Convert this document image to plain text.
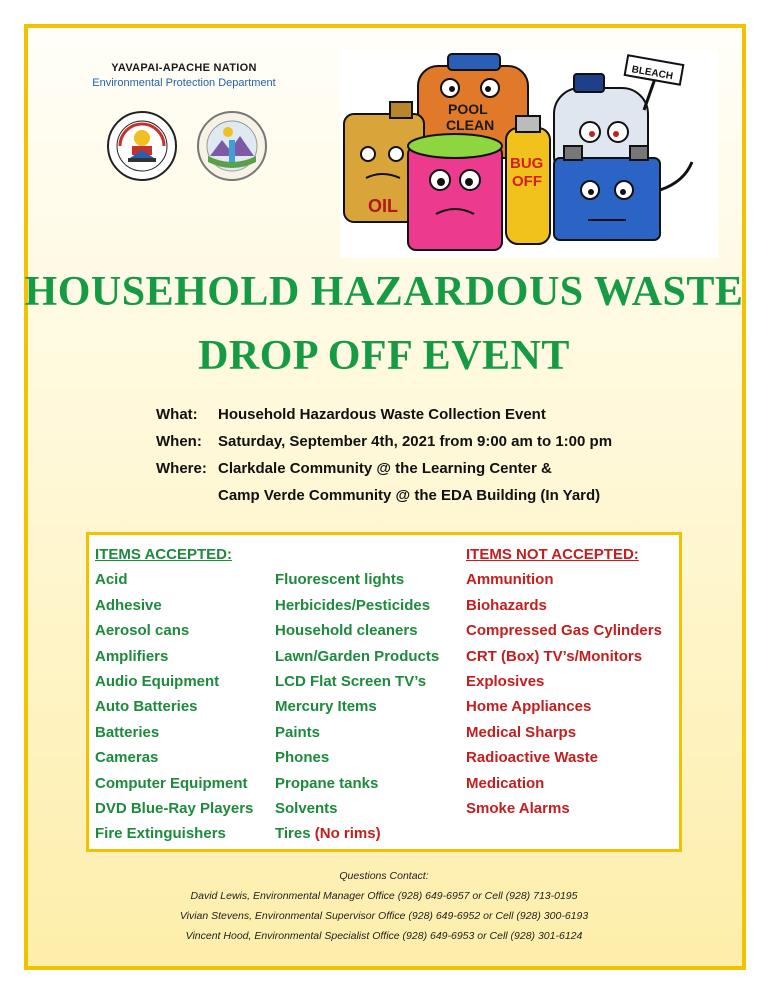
YAVAPAI-APACHE NATION
Environmental Protection Department
POOL
CLEAN
BLEACH
OIL
BUG
OFF
HOUSEHOLD HAZARDOUS WASTE
DROP OFF EVENT
What:	Household Hazardous Waste Collection Event
When:	Saturday, September 4th, 2021 from 9:00 am to 1:00 pm
Where: Clarkdale Community @ the Learning Center &
Camp Verde Community @ the EDA Building (In Yard)
ITEMS ACCEPTED:
Acid
Adhesive
Aerosol cans
Amplifiers
Audio Equipment
Auto Batteries
Batteries
Cameras
Computer Equipment
DVD Blue-Ray Players
Fire Extinguishers
Fluorescent lights
Herbicides/Pesticides
Household cleaners
Lawn/Garden Products
LCD Flat Screen TV’s
Mercury Items
Paints
Phones
Propane tanks
Solvents
Tires (No rims)
ITEMS NOT ACCEPTED:
Ammunition
Biohazards
Compressed Gas Cylinders
CRT (Box) TV’s/Monitors
Explosives
Home Appliances
Medical Sharps
Radioactive Waste
Medication
Smoke Alarms
Questions Contact:
David Lewis, Environmental Manager Office (928) 649-6957 or Cell (928) 713-0195
Vivian Stevens, Environmental Supervisor Office (928) 649-6952 or Cell (928) 300-6193
Vincent Hood, Environmental Specialist Office (928) 649-6953 or Cell (928) 301-6124
